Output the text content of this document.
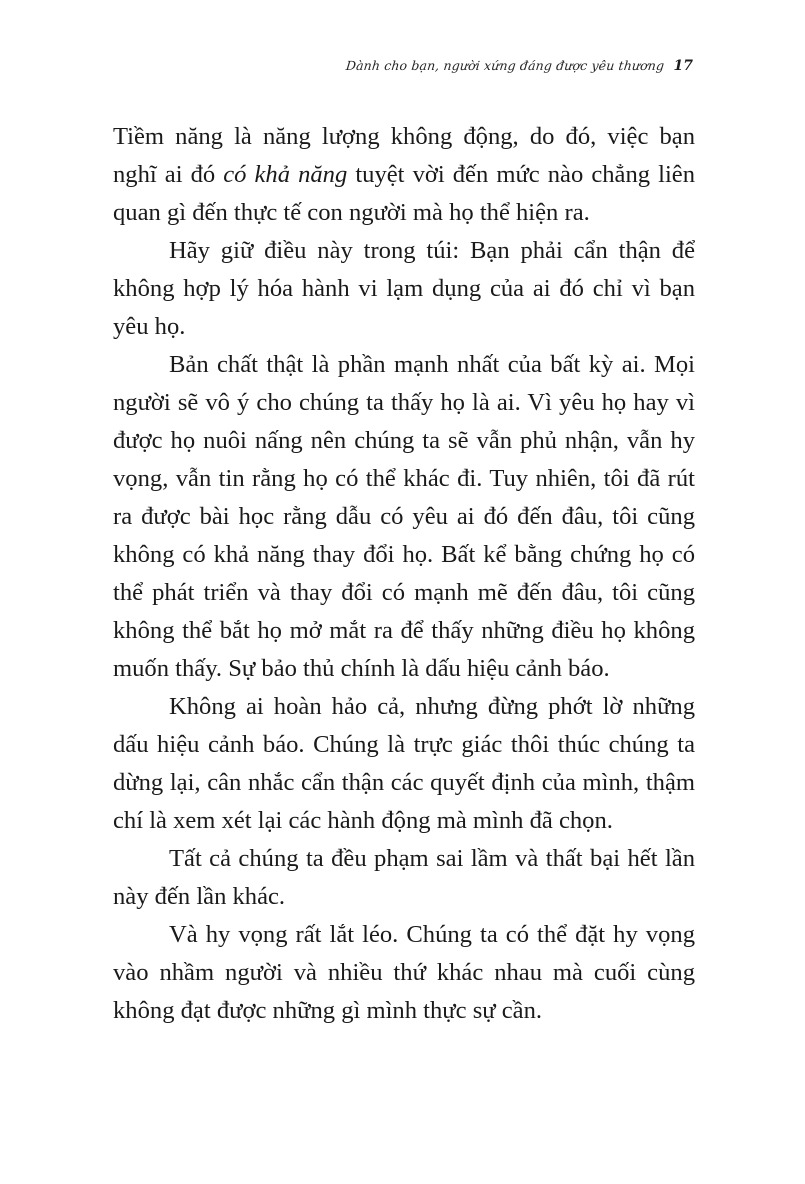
Dành cho bạn, người xứng đáng được yêu thương 17

Tiềm năng là năng lượng không động, do đó, việc bạn nghĩ ai đó có khả năng tuyệt vời đến mức nào chẳng liên quan gì đến thực tế con người mà họ thể hiện ra.

Hãy giữ điều này trong túi: Bạn phải cẩn thận để không hợp lý hóa hành vi lạm dụng của ai đó chỉ vì bạn yêu họ.

Bản chất thật là phần mạnh nhất của bất kỳ ai. Mọi người sẽ vô ý cho chúng ta thấy họ là ai. Vì yêu họ hay vì được họ nuôi nấng nên chúng ta sẽ vẫn phủ nhận, vẫn hy vọng, vẫn tin rằng họ có thể khác đi. Tuy nhiên, tôi đã rút ra được bài học rằng dẫu có yêu ai đó đến đâu, tôi cũng không có khả năng thay đổi họ. Bất kể bằng chứng họ có thể phát triển và thay đổi có mạnh mẽ đến đâu, tôi cũng không thể bắt họ mở mắt ra để thấy những điều họ không muốn thấy. Sự bảo thủ chính là dấu hiệu cảnh báo.

Không ai hoàn hảo cả, nhưng đừng phớt lờ những dấu hiệu cảnh báo. Chúng là trực giác thôi thúc chúng ta dừng lại, cân nhắc cẩn thận các quyết định của mình, thậm chí là xem xét lại các hành động mà mình đã chọn.

Tất cả chúng ta đều phạm sai lầm và thất bại hết lần này đến lần khác.

Và hy vọng rất lắt léo. Chúng ta có thể đặt hy vọng vào nhầm người và nhiều thứ khác nhau mà cuối cùng không đạt được những gì mình thực sự cần.
